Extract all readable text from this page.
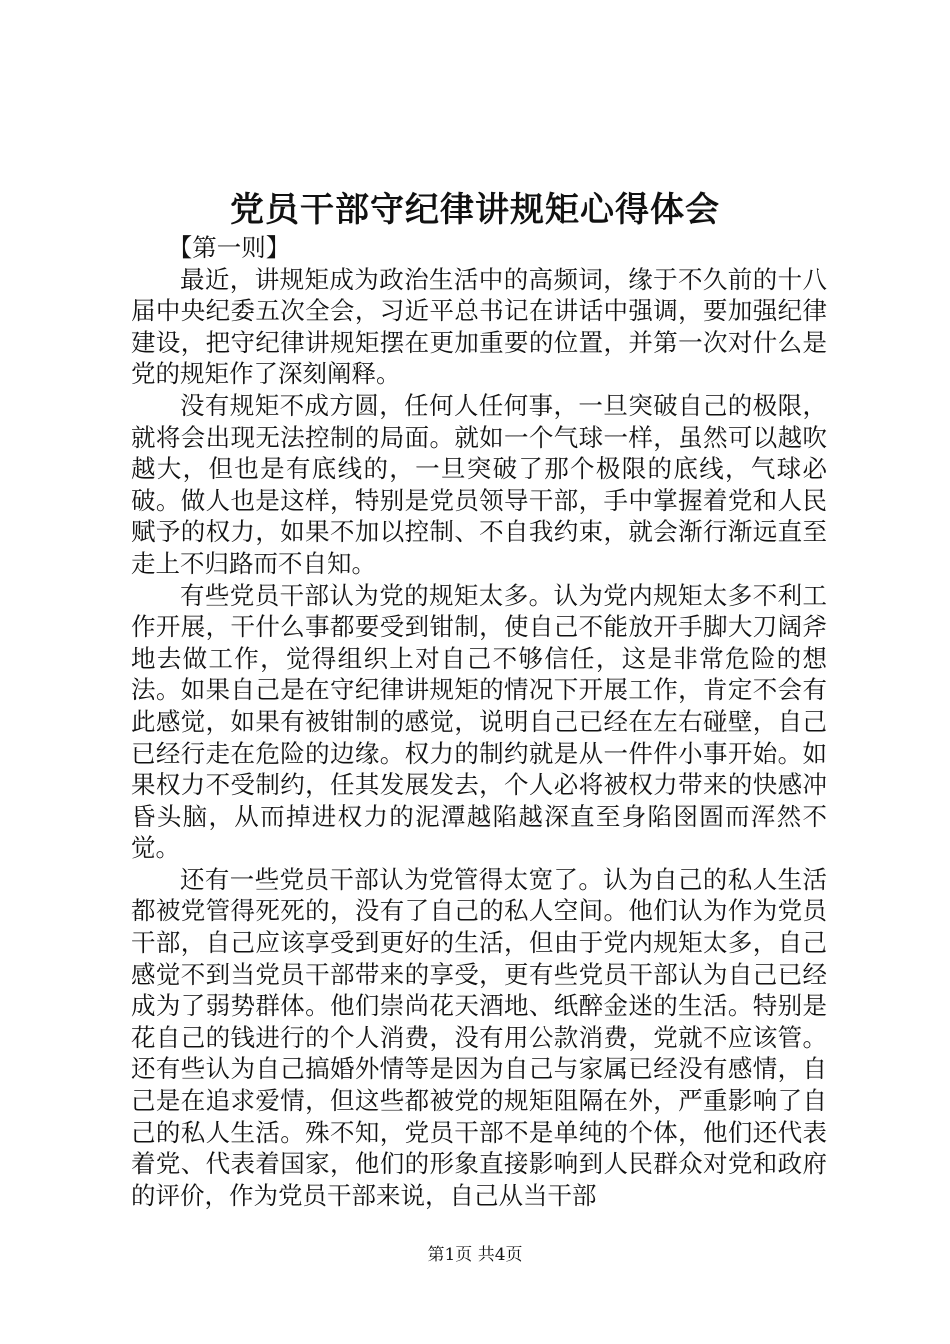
党员干部守纪律讲规矩心得体会

【第一则】

最近，讲规矩成为政治生活中的高频词，缘于不久前的十八届中央纪委五次全会，习近平总书记在讲话中强调，要加强纪律建设，把守纪律讲规矩摆在更加重要的位置，并第一次对什么是党的规矩作了深刻阐释。

没有规矩不成方圆，任何人任何事，一旦突破自己的极限，就将会出现无法控制的局面。就如一个气球一样，虽然可以越吹越大，但也是有底线的，一旦突破了那个极限的底线，气球必破。做人也是这样，特别是党员领导干部，手中掌握着党和人民赋予的权力，如果不加以控制、不自我约束，就会渐行渐远直至走上不归路而不自知。

有些党员干部认为党的规矩太多。认为党内规矩太多不利工作开展，干什么事都要受到钳制，使自己不能放开手脚大刀阔斧地去做工作，觉得组织上对自己不够信任，这是非常危险的想法。如果自己是在守纪律讲规矩的情况下开展工作，肯定不会有此感觉，如果有被钳制的感觉，说明自己已经在左右碰壁，自己已经行走在危险的边缘。权力的制约就是从一件件小事开始。如果权力不受制约，任其发展发去，个人必将被权力带来的快感冲昏头脑，从而掉进权力的泥潭越陷越深直至身陷囹圄而浑然不觉。

还有一些党员干部认为党管得太宽了。认为自己的私人生活都被党管得死死的，没有了自己的私人空间。他们认为作为党员干部，自己应该享受到更好的生活，但由于党内规矩太多，自己感觉不到当党员干部带来的享受，更有些党员干部认为自己已经成为了弱势群体。他们崇尚花天酒地、纸醉金迷的生活。特别是花自己的钱进行的个人消费，没有用公款消费，党就不应该管。还有些认为自己搞婚外情等是因为自己与家属已经没有感情，自己是在追求爱情，但这些都被党的规矩阻隔在外，严重影响了自己的私人生活。殊不知，党员干部不是单纯的个体，他们还代表着党、代表着国家，他们的形象直接影响到人民群众对党和政府的评价，作为党员干部来说，自己从当干部

第1页 共4页
